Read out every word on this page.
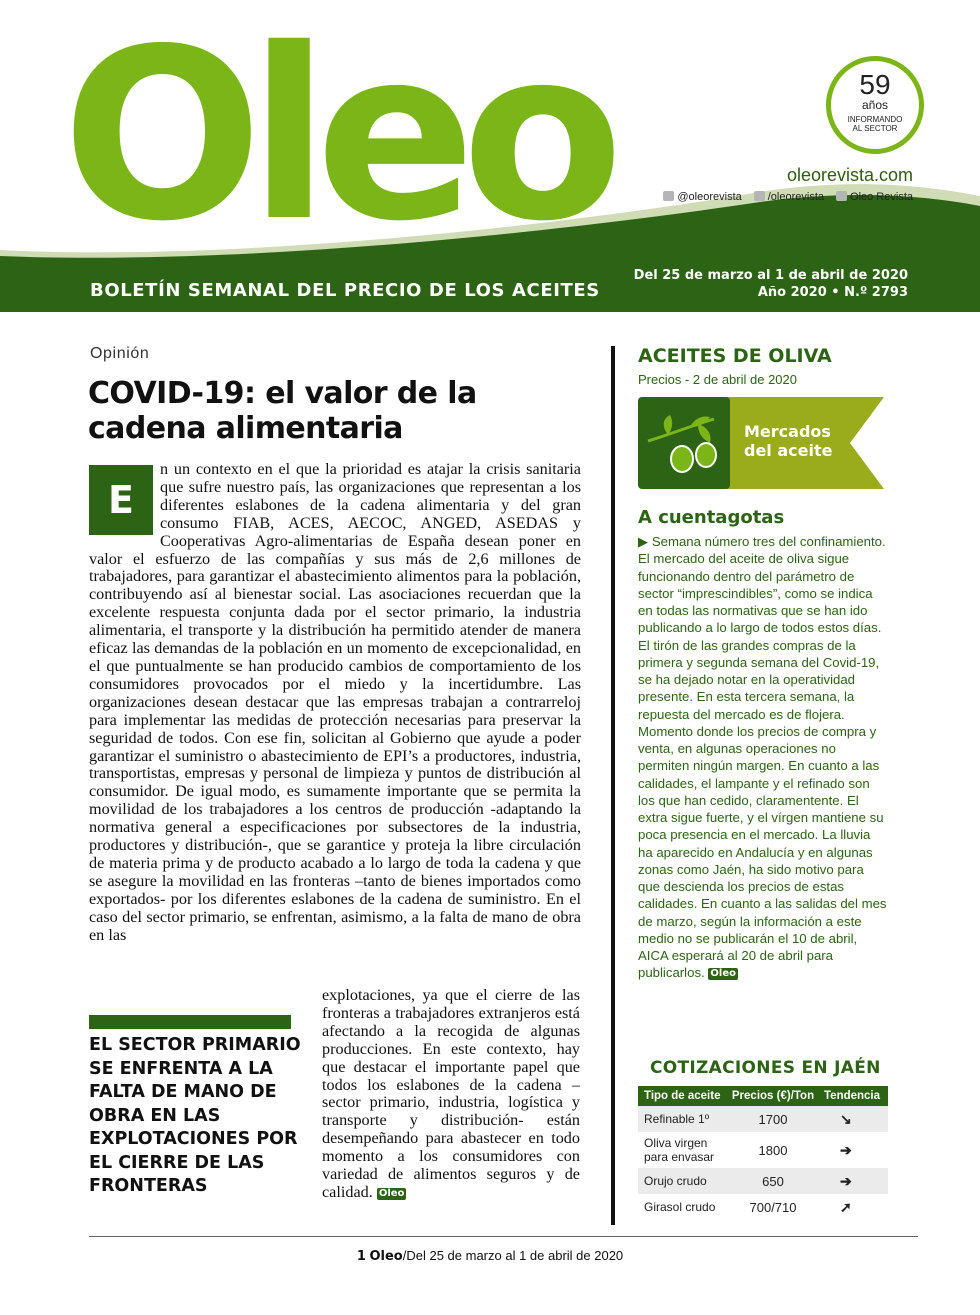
Oleo	59
años
INFORMANDO
AL SECTOR
oleorevista.com
@oleorevista	/oleorevista	Oleo Revista
BOLETÍN SEMANAL DEL PRECIO DE LOS ACEITES
Del 25 de marzo al 1 de abril de 2020
Año 2020 • N.º 2793
Opinión
COVID-19: el valor de la cadena alimentaria
E
n un contexto en el que la prioridad es atajar la crisis sanitaria que sufre nuestro país, las organizaciones que representan a los diferentes eslabones de la cadena alimentaria y del gran consumo FIAB, ACES, AECOC, ANGED, ASEDAS y Cooperativas Agro-alimentarias de España desean poner en valor el esfuerzo de las compañías y sus más de 2,6 millones de trabajadores, para garantizar el abastecimiento alimentos para la población, contribuyendo así al bienestar social. Las asociaciones recuerdan que la excelente respuesta conjunta dada por el sector primario, la industria alimentaria, el transporte y la distribución ha permitido atender de manera eficaz las demandas de la población en un momento de excepcionalidad, en el que puntualmente se han producido cambios de comportamiento de los consumidores provocados por el miedo y la incertidumbre. Las organizaciones desean destacar que las empresas trabajan a contrarreloj para implementar las medidas de protección necesarias para preservar la seguridad de todos. Con ese fin, solicitan al Gobierno que ayude a poder garantizar el suministro o abastecimiento de EPI’s a productores, industria, transportistas, empresas y personal de limpieza y puntos de distribución al consumidor. De igual modo, es sumamente importante que se permita la movilidad de los trabajadores a los centros de producción -adaptando la normativa general a especificaciones por subsectores de la industria, productores y distribución-, que se garantice y proteja la libre circulación de materia prima y de producto acabado a lo largo de toda la cadena y que se asegure la movilidad en las fronteras –tanto de bienes importados como exportados- por los diferentes eslabones de la cadena de suministro. En el caso del sector primario, se enfrentan, asimismo, a la falta de mano de obra en las
explotaciones, ya que el cierre de las fronteras a trabajadores extranjeros está afectando a la recogida de algunas producciones. En este contexto, hay que destacar el importante papel que todos los eslabones de la cadena –sector primario, industria, logística y transporte y distribución- están desempeñando para abastecer en todo momento a los consumidores con variedad de alimentos seguros y de calidad. Oleo
EL SECTOR PRIMARIO SE ENFRENTA A LA FALTA DE MANO DE OBRA EN LAS EXPLOTACIONES POR EL CIERRE DE LAS FRONTERAS
ACEITES DE OLIVA
Precios - 2 de abril de 2020
Mercados
del aceite
A cuentagotas
▶ Semana número tres del confinamiento. El mercado del aceite de oliva sigue funcionando dentro del parámetro de sector “imprescindibles”, como se indica en todas las normativas que se han ido publicando a lo largo de todos estos días. El tirón de las grandes compras de la primera y segunda semana del Covid-19, se ha dejado notar en la operatividad presente. En esta tercera semana, la repuesta del mercado es de flojera. Momento donde los precios de compra y venta, en algunas operaciones no permiten ningún margen. En cuanto a las calidades, el lampante y el refinado son los que han cedido, claramentente. El extra sigue fuerte, y el vírgen mantiene su poca presencia en el mercado. La lluvia ha aparecido en Andalucía y en algunas zonas como Jaén, ha sido motivo para que descienda los precios de estas calidades. En cuanto a las salidas del mes de marzo, según la información a este medio no se publicarán el 10 de abril, AICA esperará al 20 de abril para publicarlos. Oleo
COTIZACIONES EN JAÉN
Tipo de aceite	Precios (€)/Ton	Tendencia
Refinable 1º	1700	↘
Oliva virgen para envasar	1800	➔
Orujo crudo	650	➔
Girasol crudo	700/710	➚
1 Oleo/Del 25 de marzo al 1 de abril de 2020
